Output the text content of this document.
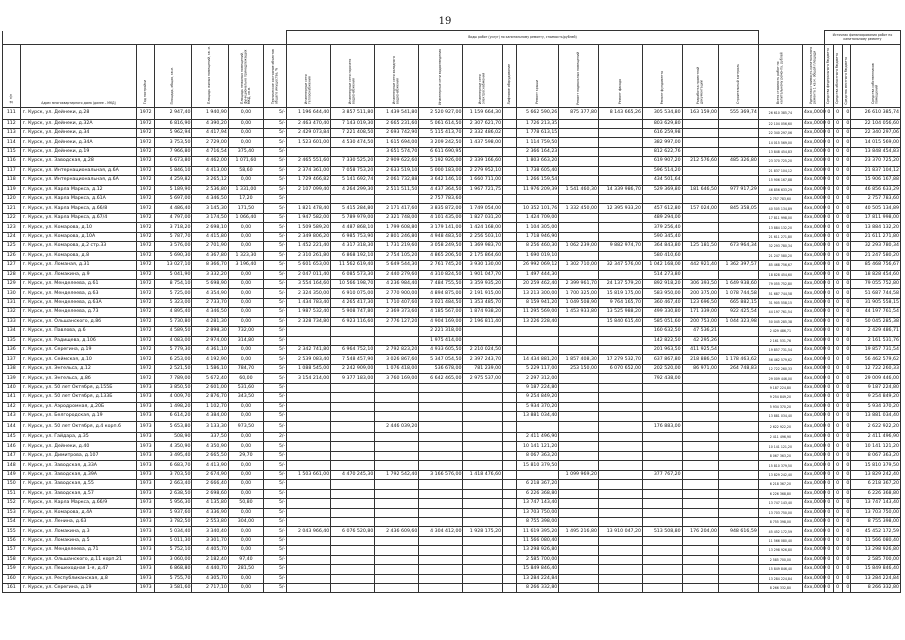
19
							Виды работ (услуг) по капитальному ремонту, стоимость(рублей)														Источник финансирования работ по капитальному ремонту			
№ п/п	Адрес многоквартирного дома (далее – МКД)	Год постройки	Площадь, общая, кв.м.	Площадь жилых помещений, кв. м.	Площадь нежилых помещений, функционально принадлежащих МКД, кв.м.	Техническое состояние объектов общего имущества, %	Инженерные сети теплоснабжения	Инженерные сети горячего водоснабжения	Инженерные сети холодного водоснабжения	Инженерные сети водоотведения	Инженерные сети электроснабжения	Лифтовое оборудование	Ремонт крыши	Ремонт подвальных помещений	Ремонт фасада	Ремонт фундамента	Разработка проектной документации	Строительный контроль	Всего стоимость работ по капитальному ремонту, рублей	Удельная стоимость капитального ремонта 1 кв.м. общей площади	Средства федерального бюджета	Средства областного бюджета	Средства местного бюджета	Средства собственников помещений
111	г. Курск, ул. Дейнеки, д.28	1972	2 947,40	1 940,90	0,00	5/-	1 196 644,40	3 857 511,80	1 439 541,80	2 520 927,00	1 159 664,30		5 662 590,26	875 377,80	8 143 665,26	305 534,80	163 159,00	555 369,74	26 610 385,74	4xx,0000	0	0	0	26 610 385,74
112	г. Курск, ул. Дейнеки, д.32А	1972	6 816,90	4 390,20	0,00	5/-	2 463 470,40	7 143 019,30	2 665 231,60	5 061 614,50	2 307 621,70		1 726 213,35			803 629,80			22 104 056,60	4xx,0000	0	0	0	22 104 056,60
113	г. Курск, ул. Дейнеки, д.34	1972	5 962,94	4 417,94	0,00	5/-	2 429 073,84	7 221 408,50	2 693 742,90	5 115 413,70	2 332 486,02		1 778 613,15			616 259,98			22 340 297,06	4xx,0000	0	0	0	22 340 297,06
114	г. Курск, ул. Дейнеки, д.34А	1972	3 753,50	2 729,00	0,00	5/-	1 523 601,00	4 530 474,50	1 615 694,00	3 209 242,50	1 437 598,00		1 114 759,50			382 997,00			14 015 569,00	4xx,0000	0	0	0	14 015 569,00
115	г. Курск, ул. Дейнеки, д.19	1972	7 966,80	4 716,54	375,40	5/-			3 651 574,70	6 611 690,95			2 366 164,23			812 622,76			13 848 454,83	4xx,0000	0	0	0	13 848 454,83
116	г. Курск, ул. Заводская, д.28	1972	6 673,80	4 462,00	1 071,60	5/-	2 465 551,60	7 330 525,20	2 909 622,60	5 192 926,00	2 339 166,60		1 803 663,20			619 907,20	212 576,60	485 326,80	23 370 725,20	4xx,0000	0	0	0	23 370 725,20
117	г. Курск, ул. Интернациональная, д.6А	1972	5 846,10	4 413,00	58,60	5/-	2 374 361,00	7 058 753,20	2 633 519,10	5 000 183,00	2 279 952,10		1 738 605,40			596 514,20			21 837 104,12	4xx,0000	0	0	0	21 837 104,12
118	г. Курск, ул. Интернациональная, д.6А	1972	4 259,82	3 265,12	0,00	5/-	1 729 466,82	5 141 692,74	2 061 732,88	3 642 146,10	1 660 711,00		1 266 159,54			434 501,64			15 906 167,88	4xx,0000	0	0	0	15 906 167,88
119	г. Курск, ул. Карла Маркса, д.12	1972	5 189,90	2 536,80	1 331,00	5/-	2 107 099,40	4 264 299,30	2 511 511,50	4 437 364,50	1 967 721,75		11 976 209,39	1 541 460,30	14 339 986,70	529 369,80	181 646,50	977 917,29	46 856 633,29	4xx,0000	0	0	0	46 856 633,29
120	г. Курск, ул. Карла Маркса, д.61А	1972	5 697,00	4 346,50	17,20	5/-				2 757 783,60									2 757 783,60	4xx,0000	0	0	0	2 757 783,60
121	г. Курск, ул. Карла Маркса, д.66/8	1972	4 486,40	3 145,30	171,50	5/-	1 821 478,40	5 415 284,80	2 171 417,60	3 835 872,00	1 749 054,00		10 352 101,76	1 332 450,00	12 395 933,20	457 612,80	157 024,00	845 358,05	40 505 134,89	4xx,0000	0	0	0	40 505 134,89
122	г. Курск, ул. Карла Маркса, д.67/4	1972	4 797,00	3 174,50	1 066,40	5/-	1 947 582,00	5 789 979,00	2 321 748,00	4 101 435,00	1 827 031,20		1 424 709,00			489 294,00			17 811 998,00	4xx,0000	0	0	0	17 811 998,00
123	г. Курск, ул. Комарова, д.10	1972	3 718,20	2 698,10	0,00	5/-	1 509 589,20	4 487 868,10	1 799 608,80	3 179 141,00	1 424 168,00		1 104 305,00			379 256,40			13 884 132,20	4xx,0000	0	0	0	13 884 132,20
124	г. Курск, ул. Комарова, д.10А	1972	5 787,70	4 415,80	0,00	5/-	2 349 806,20	6 985 753,90	2 801 246,80	4 948 483,50	2 256 503,10		1 718 946,90			590 345,40			21 611 271,80	4xx,0000	0	0	0	21 611 271,80
125	г. Курск, ул. Комарова, д.2 стр.33	1972	3 576,00	2 701,90	0,00	5/-	1 452 221,40	4 317 318,30	1 731 219,60	3 058 249,50	1 369 983,70		8 256 460,30	1 062 239,00	9 882 974,70	364 843,80	125 181,50	673 964,34	32 293 780,34	4xx,0000	0	0	0	32 293 780,34
126	г. Курск, ул. Комарова, д.8	1972	5 690,30	4 367,80	1 323,30	5/-	2 310 261,80	6 868 192,10	2 754 105,20	4 865 206,50	2 175 864,60		1 690 019,10			580 410,60			21 247 580,20	4xx,0000	0	0	0	21 247 580,20
127	г. Курск, ул. Ломаная, д.31	1972	13 027,10	8 366,70	3 196,40	5/-	5 601 653,00	11 562 619,40	5 649 544,30	2 761 745,20	3 930 130,00		26 992 069,12	1 302 710,00	32 347 576,00	1 042 168,00	442 921,40	1 362 397,57	85 468 756,67	4xx,0000	0	0	0	85 468 756,67
128	г. Курск, ул. Ломакина, д.9	1972	5 041,90	3 332,20	0,00	5/-	2 047 011,40	6 085 573,30	2 440 279,60	4 310 824,50	1 901 047,70		1 497 444,30			514 273,80			18 828 454,60	4xx,0000	0	0	0	18 828 454,60
129	г. Курск, ул. Менделеева, д.61	1972	8 754,10	5 698,90	0,00	5/-	3 554 164,60	10 566 198,70	4 236 984,40	7 484 755,50	3 359 935,20		20 259 462,40	2 399 961,70	24 137 579,20	892 918,20	306 393,50	1 649 938,60	79 055 752,80	4xx,0000	0	0	0	79 055 752,80
130	г. Курск, ул. Менделеева, д.63	1972	5 725,00	4 354,90	0,00	5/-	2 324 350,00	6 910 075,00	2 770 900,00	4 894 875,00	2 191 915,00		13 213 300,00	1 700 325,00	15 819 175,00	583 950,00	200 375,00	1 078 744,58	51 687 744,58	4xx,0000	0	0	0	51 687 744,58
131	г. Курск, ул. Менделеева, д.63А	1972	5 323,00	2 733,70	0,00	5/-	1 434 783,40	4 265 417,30	1 710 407,60	3 021 484,50	1 353 485,70		8 159 941,20	1 049 508,90	9 764 165,70	360 467,40	123 696,50	665 882,15	31 905 558,15	4xx,0000	0	0	0	31 905 558,15
132	г. Курск, ул. Менделеева, д.73	1972	4 895,40	4 346,50	0,00	5/-	1 987 532,40	5 908 747,80	2 369 373,60	4 185 567,00	1 874 938,20		11 295 569,00	1 453 933,80	13 525 988,20	499 330,80	171 339,00	922 425,54	44 197 761,54	4xx,0000	0	0	0	44 197 761,54
133	г. Курск, ул. Ольшанского, д.8б	1972	5 730,80	4 281,30	0,00	5/-	2 328 734,80	6 923 116,60	2 776 127,20	4 904 169,00	2 196 811,40		13 226 228,40		15 840 615,40	585 051,60	200 753,00	1 044 323,98	50 045 285,38	4xx,0000	0	0	0	50 045 285,38
134	г. Курск, ул. Павлова, д.6	1972	4 589,50	2 898,30	732,00	5/-				2 221 318,00						160 632,50	47 536,21		2 429 486,71	4xx,0000	0	0	0	2 429 486,71
135	г. Курск, ул. Радищева, д.106	1972	4 083,00	2 974,00	314,80	5/-				1 975 414,00						142 822,50	42 295,26		2 161 531,76	4xx,0000	0	0	0	2 161 531,76
136	г. Курск, ул. Серегина, д.19	1972	5 779,30	4 361,10	0,00	5/-	2 342 741,80	6 964 752,10	2 792 823,20	4 933 605,50	2 210 024,50					201 963,50	411 925,54		19 857 731,54	4xx,0000	0	0	0	19 857 731,54
137	г. Курск, ул. Сеймская, д.10	1972	6 253,00	4 192,90	0,00	5/-	2 539 083,40	7 548 457,90	3 026 867,60	5 347 054,50	2 397 243,70		14 434 881,20	1 857 408,30	17 279 532,70	637 867,80	218 886,50	1 178 463,62	56 462 579,62	4xx,0000	0	0	0	56 462 579,62
138	г. Курск, ул. Энгельса, д.12	1972	2 521,50	1 586,10	784,70	5/-	1 088 545,00	2 242 909,00	1 076 418,00	536 678,00	781 239,00		5 229 117,00	253 150,00	6 070 652,00	202 520,00	86 971,00	264 748,83	12 722 260,33	4xx,0000	0	0	0	12 722 260,33
139	г. Курск, ул. Энгельса, д.8б	1972	7 789,00	5 672,40	60,00	5/-	3 154 214,00	9 377 183,00	3 760 169,00	6 642 465,00	2 975 537,00		2 297 312,00			792 438,00			29 009 446,00	4xx,0000	0	0	0	29 009 446,00
140	г. Курск, ул. 50 лет Октября, д.155Б	1973	3 850,50	2 601,00	531,60	5/-							9 187 224,80						9 187 224,80	4xx,0000	0	0	0	9 187 224,80
141	г. Курск, ул. 50 лет Октября, д.133Б	1973	4 009,70	2 876,70	343,50	5/-							9 254 849,20						9 254 849,20	4xx,0000	0	0	0	9 254 849,20
142	г. Курск, ул. Аэродромная, д.20Б	1973	1 498,20	1 102,70	0,00	5/-							5 934 370,20						5 934 370,20	4xx,0000	0	0	0	5 934 370,20
143	г. Курск, ул. Белгородская, д.19	1973	6 614,20	4 384,00	0,00	5/-							13 881 034,40						13 881 034,40	4xx,0000	0	0	0	13 881 034,40
144	г. Курск, ул. 50 лет Октября, д.4 корп.6	1973	5 653,80	3 133,30	973,50	5/-			2 446 039,20							176 883,00			2 622 922,20	4xx,0000	0	0	0	2 622 922,20
145	г. Курск, ул. Гайдара, д.35	1973	508,90	337,50	0,00	2/-							2 411 496,90						2 411 496,90	4xx,0000	0	0	0	2 411 496,90
146	г. Курск, ул. Дейнеки, д.40	1973	4 350,90	4 350,90	0,00	5/-							10 141 121,20						10 141 121,20	4xx,0000	0	0	0	10 141 121,20
147	г. Курск, ул. Димитрова, д.107	1973	3 495,40	2 665,50	29,70	5/-							8 067 363,20						8 067 363,20	4xx,0000	0	0	0	8 067 363,20
148	г. Курск, ул. Заводская, д.33А	1973	6 683,70	4 413,90	0,00	5/-							15 810 379,50						15 810 379,50	4xx,0000	0	0	0	15 810 379,50
149	г. Курск, ул. Заводская, д.39А	1973	3 703,50	2 674,90	0,00	5/-	1 503 661,00	4 470 245,30	1 792 542,40	3 166 576,00	1 418 476,60			1 099 969,20		377 767,20			13 829 242,40	4xx,0000	0	0	0	13 829 242,40
150	г. Курск, ул. Заводская, д.55	1973	2 663,40	2 666,40	0,00	5/-							6 218 367,20						6 218 367,20	4xx,0000	0	0	0	6 218 367,20
151	г. Курск, ул. Заводская, д.57	1973	2 638,50	2 698,60	0,00	5/-							6 226 368,80						6 226 368,80	4xx,0000	0	0	0	6 226 368,80
152	г. Курск, ул. Карла Маркса, д.66/9	1973	5 956,30	4 135,80	50,80	5/-							13 747 143,40						13 747 143,40	4xx,0000	0	0	0	13 747 143,40
153	г. Курск, ул. Комарова, д.4А	1973	5 937,60	4 336,90	0,00	5/-							13 703 750,00						13 703 750,00	4xx,0000	0	0	0	13 703 750,00
154	г. Курск, ул. Ленина, д.63	1973	3 782,50	2 553,80	304,00	5/-							8 755 398,00						8 755 398,00	4xx,0000	0	0	0	8 755 398,00
155	г. Курск, ул. Ломакина, д.3	1973	5 034,40	3 340,40	0,00	5/-	2 043 966,40	6 076 520,80	2 436 609,60	4 304 412,00	1 928 175,20		11 619 395,20	1 495 216,80	13 910 047,20	513 508,80	176 204,00	948 616,59	45 452 172,59	4xx,0000	0	0	0	45 452 172,59
156	г. Курск, ул. Ломакина, д.5	1973	5 011,30	3 301,70	0,00	5/-							11 566 080,40						11 566 080,40	4xx,0000	0	0	0	11 566 080,40
157	г. Курск, ул. Менделеева, д.71	1973	5 752,10	4 405,70	0,00	5/-							13 298 926,80						13 298 926,80	4xx,0000	0	0	0	13 298 926,80
158	г. Курск, ул. Ольшанского, д.11 корп.21	1973	3 060,00	2 182,40	97,40	5/-							2 585 700,00						2 585 700,00	4xx,0000	0	0	0	2 585 700,00
159	г. Курск, ул. Пешеходная 1-я, д.47	1973	6 868,80	4 440,70	281,50	5/-							15 849 846,40						15 849 846,40	4xx,0000	0	0	0	15 849 846,40
160	г. Курск, ул. Республиканская, д.8	1973	5 755,70	4 305,70	0,00	5/-							13 284 224,84						13 284 224,84	4xx,0000	0	0	0	13 284 224,84
161	г. Курск, ул. Серегина, д.19	1973	3 581,60	2 717,10	0,00	5/-							8 266 332,80						8 266 332,80	4xx,0000	0	0	0	8 266 332,80
